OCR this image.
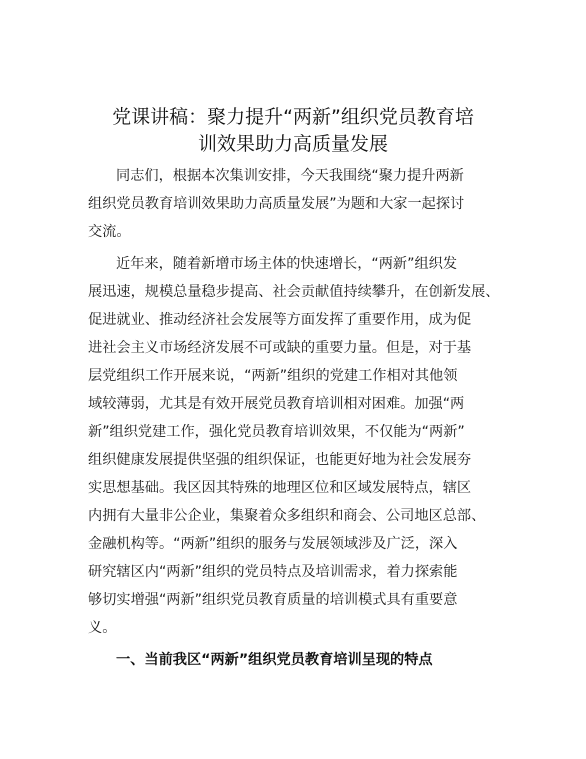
党课讲稿：聚力提升“两新”组织党员教育培
训效果助力高质量发展

同志们，根据本次集训安排，今天我围绕“聚力提升两新

组织党员教育培训效果助力高质量发展”为题和大家一起探讨

交流。

近年来，随着新增市场主体的快速增长，“两新”组织发

展迅速，规模总量稳步提高、社会贡献值持续攀升，在创新发展、

促进就业、推动经济社会发展等方面发挥了重要作用，成为促

进社会主义市场经济发展不可或缺的重要力量。但是，对于基

层党组织工作开展来说，“两新”组织的党建工作相对其他领

域较薄弱，尤其是有效开展党员教育培训相对困难。加强“两

新”组织党建工作，强化党员教育培训效果，不仅能为“两新”

组织健康发展提供坚强的组织保证，也能更好地为社会发展夯

实思想基础。我区因其特殊的地理区位和区域发展特点，辖区

内拥有大量非公企业，集聚着众多组织和商会、公司地区总部、

金融机构等。“两新”组织的服务与发展领域涉及广泛，深入

研究辖区内“两新”组织的党员特点及培训需求，着力探索能

够切实增强“两新”组织党员教育质量的培训模式具有重要意

义。

一、当前我区“两新”组织党员教育培训呈现的特点
